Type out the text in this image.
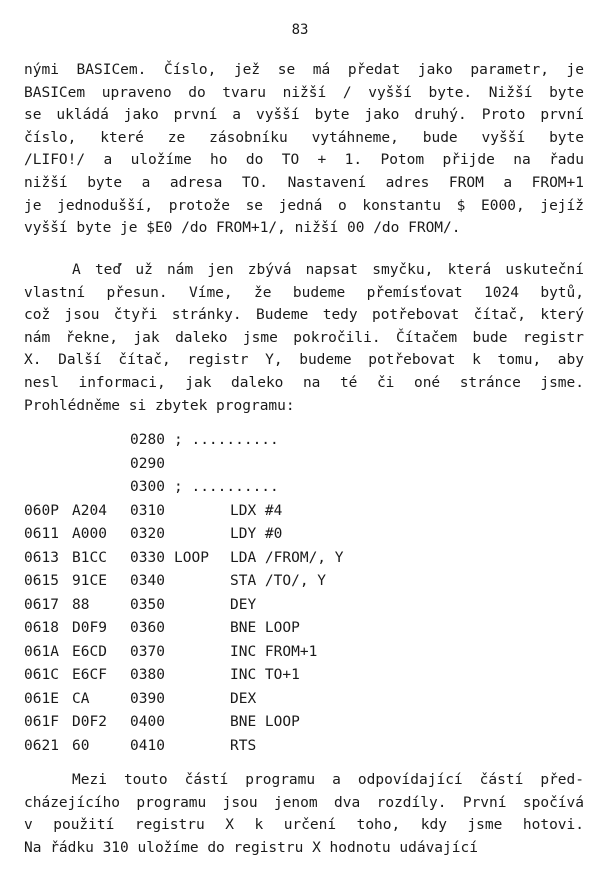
83
nými BASICem. Číslo, jež se má předat jako parametr, je
BASICem upraveno do tvaru nižší / vyšší byte. Nižší byte
se ukládá jako první a vyšší byte jako druhý. Proto první
číslo, které ze zásobníku vytáhneme, bude vyšší byte
/LIFO!/ a uložíme ho do TO + 1. Potom přijde na řadu
nižší byte a adresa TO. Nastavení adres FROM a FROM+1
je jednodušší, protože se jedná o konstantu $ E000, jejíž
vyšší byte je $E0 /do FROM+1/, nižší 00 /do FROM/.
A teď už nám jen zbývá napsat smyčku, která uskuteční
vlastní přesun. Víme, že budeme přemísťovat 1024 bytů,
což jsou čtyři stránky. Budeme tedy potřebovat čítač, který
nám řekne, jak daleko jsme pokročili. Čítačem bude registr
X. Další čítač, registr Y, budeme potřebovat k tomu, aby
nesl informaci, jak daleko na té či oné stránce jsme.
Prohlédněme si zbytek programu:
0280 ; ..........
0290
0300 ; ..........
060P A204 0310	LDX #4
0611 A000 0320	LDY #0
0613 B1CC 0330 LOOP LDA /FROM/, Y
0615 91CE 0340	STA /TO/, Y
0617 88	0350	DEY
0618 D0F9 0360	BNE LOOP
061A E6CD 0370	INC FROM+1
061C E6CF 0380	INC TO+1
061E CA	0390	DEX
061F D0F2 0400	BNE LOOP
0621 60	0410	RTS
Mezi touto částí programu a odpovídající částí před-
cházejícího programu jsou jenom dva rozdíly. První spočívá
v použití registru X k určení toho, kdy jsme hotovi.
Na řádku 310 uložíme do registru X hodnotu udávající
